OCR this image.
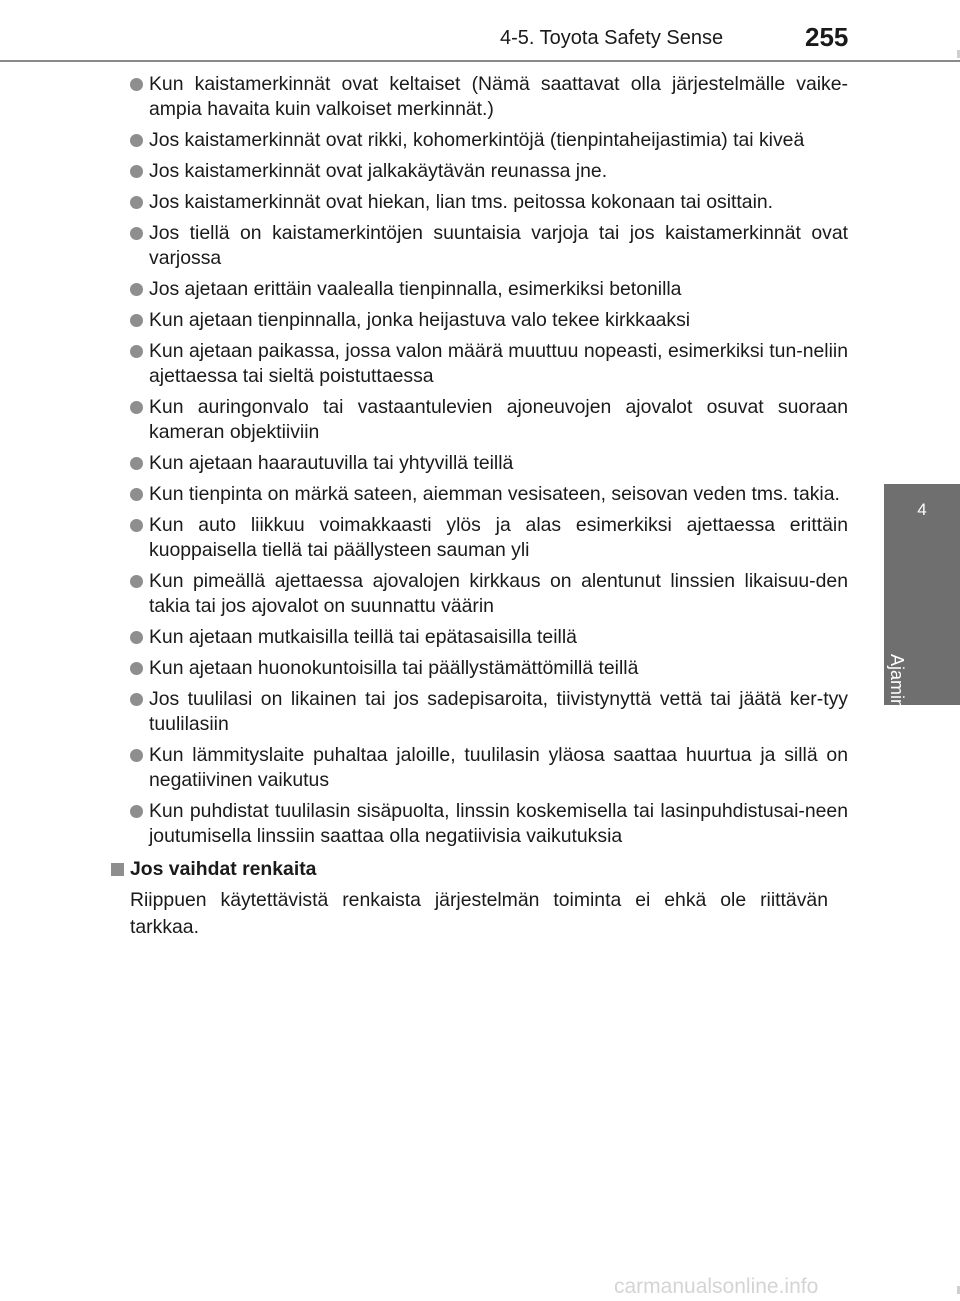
4-5. Toyota Safety Sense	255
4
Ajaminen
Kun kaistamerkinnät ovat keltaiset (Nämä saattavat olla järjestelmälle vaike-ampia havaita kuin valkoiset merkinnät.)
Jos kaistamerkinnät ovat rikki, kohomerkintöjä (tienpintaheijastimia) tai kiveä
Jos kaistamerkinnät ovat jalkakäytävän reunassa jne.
Jos kaistamerkinnät ovat hiekan, lian tms. peitossa kokonaan tai osittain.
Jos tiellä on kaistamerkintöjen suuntaisia varjoja tai jos kaistamerkinnät ovat varjossa
Jos ajetaan erittäin vaalealla tienpinnalla, esimerkiksi betonilla
Kun ajetaan tienpinnalla, jonka heijastuva valo tekee kirkkaaksi
Kun ajetaan paikassa, jossa valon määrä muuttuu nopeasti, esimerkiksi tun-neliin ajettaessa tai sieltä poistuttaessa
Kun auringonvalo tai vastaantulevien ajoneuvojen ajovalot osuvat suoraan kameran objektiiviin
Kun ajetaan haarautuvilla tai yhtyvillä teillä
Kun tienpinta on märkä sateen, aiemman vesisateen, seisovan veden tms. takia.
Kun auto liikkuu voimakkaasti ylös ja alas esimerkiksi ajettaessa erittäin kuoppaisella tiellä tai päällysteen sauman yli
Kun pimeällä ajettaessa ajovalojen kirkkaus on alentunut linssien likaisuu-den takia tai jos ajovalot on suunnattu väärin
Kun ajetaan mutkaisilla teillä tai epätasaisilla teillä
Kun ajetaan huonokuntoisilla tai päällystämättömillä teillä
Jos tuulilasi on likainen tai jos sadepisaroita, tiivistynyttä vettä tai jäätä ker-tyy tuulilasiin
Kun lämmityslaite puhaltaa jaloille, tuulilasin yläosa saattaa huurtua ja sillä on negatiivinen vaikutus
Kun puhdistat tuulilasin sisäpuolta, linssin koskemisella tai lasinpuhdistusai-neen joutumisella linssiin saattaa olla negatiivisia vaikutuksia
Jos vaihdat renkaita
Riippuen käytettävistä renkaista järjestelmän toiminta ei ehkä ole riittävän tarkkaa.
carmanualsonline.info
